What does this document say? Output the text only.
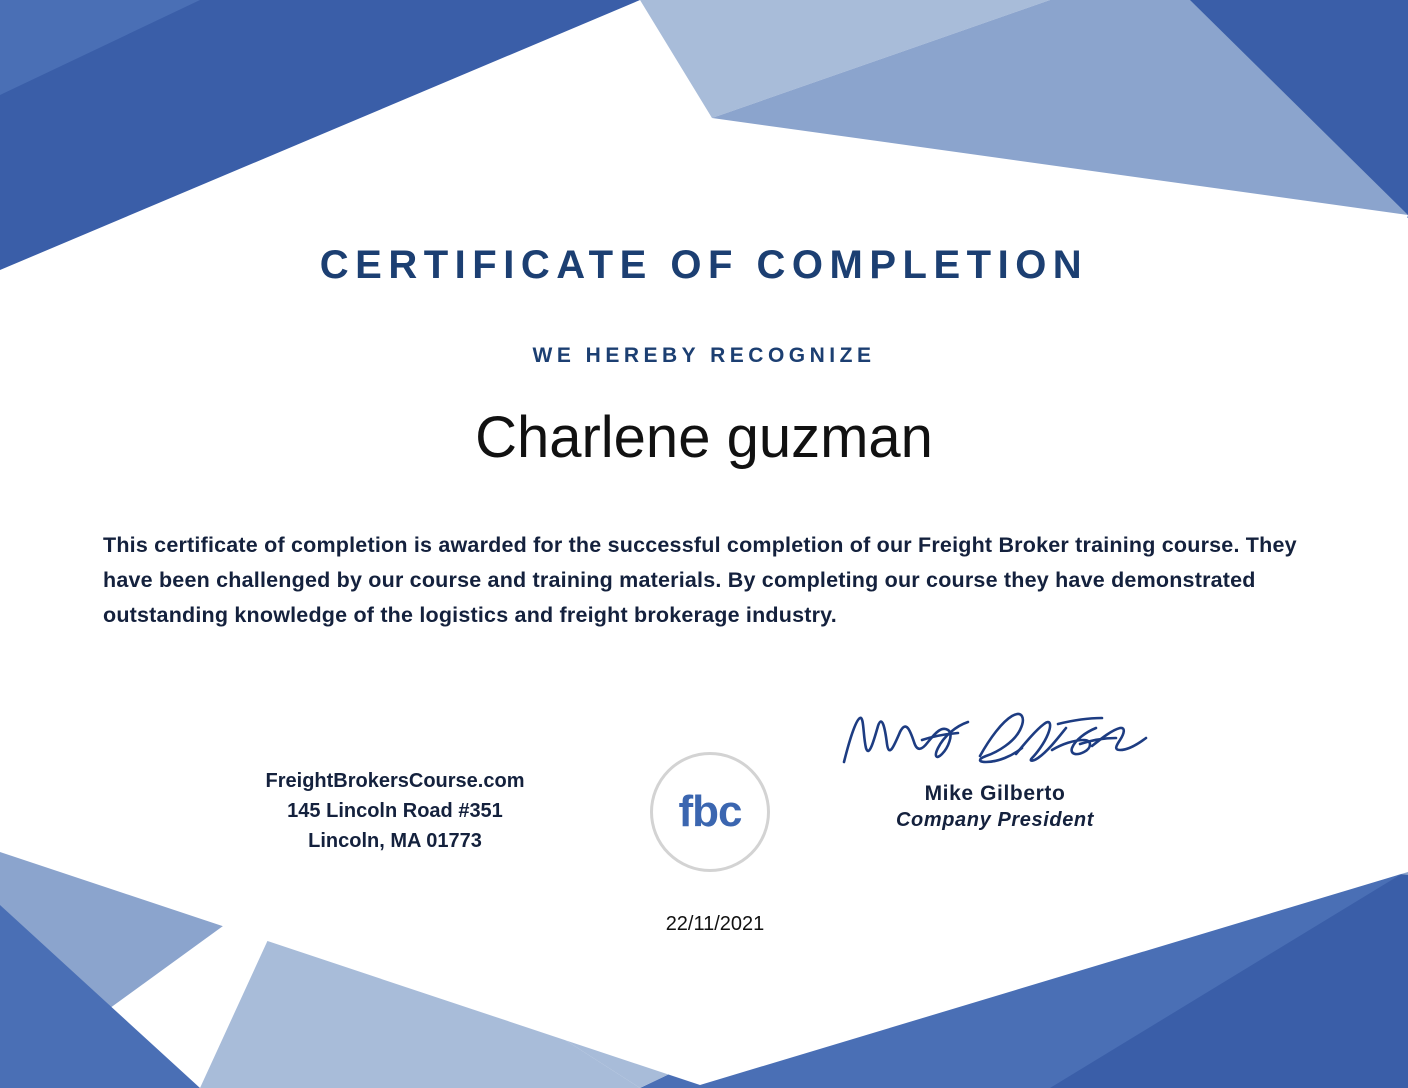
CERTIFICATE OF COMPLETION
WE HEREBY RECOGNIZE
Charlene guzman
This certificate of completion is awarded for the successful completion of our Freight Broker training course. They have been challenged by our course and training materials. By completing our course they have demonstrated outstanding knowledge of the logistics and freight brokerage industry.
FreightBrokersCourse.com
145 Lincoln Road #351
Lincoln, MA 01773
fbc	Mike Gilberto
Company President
22/11/2021
